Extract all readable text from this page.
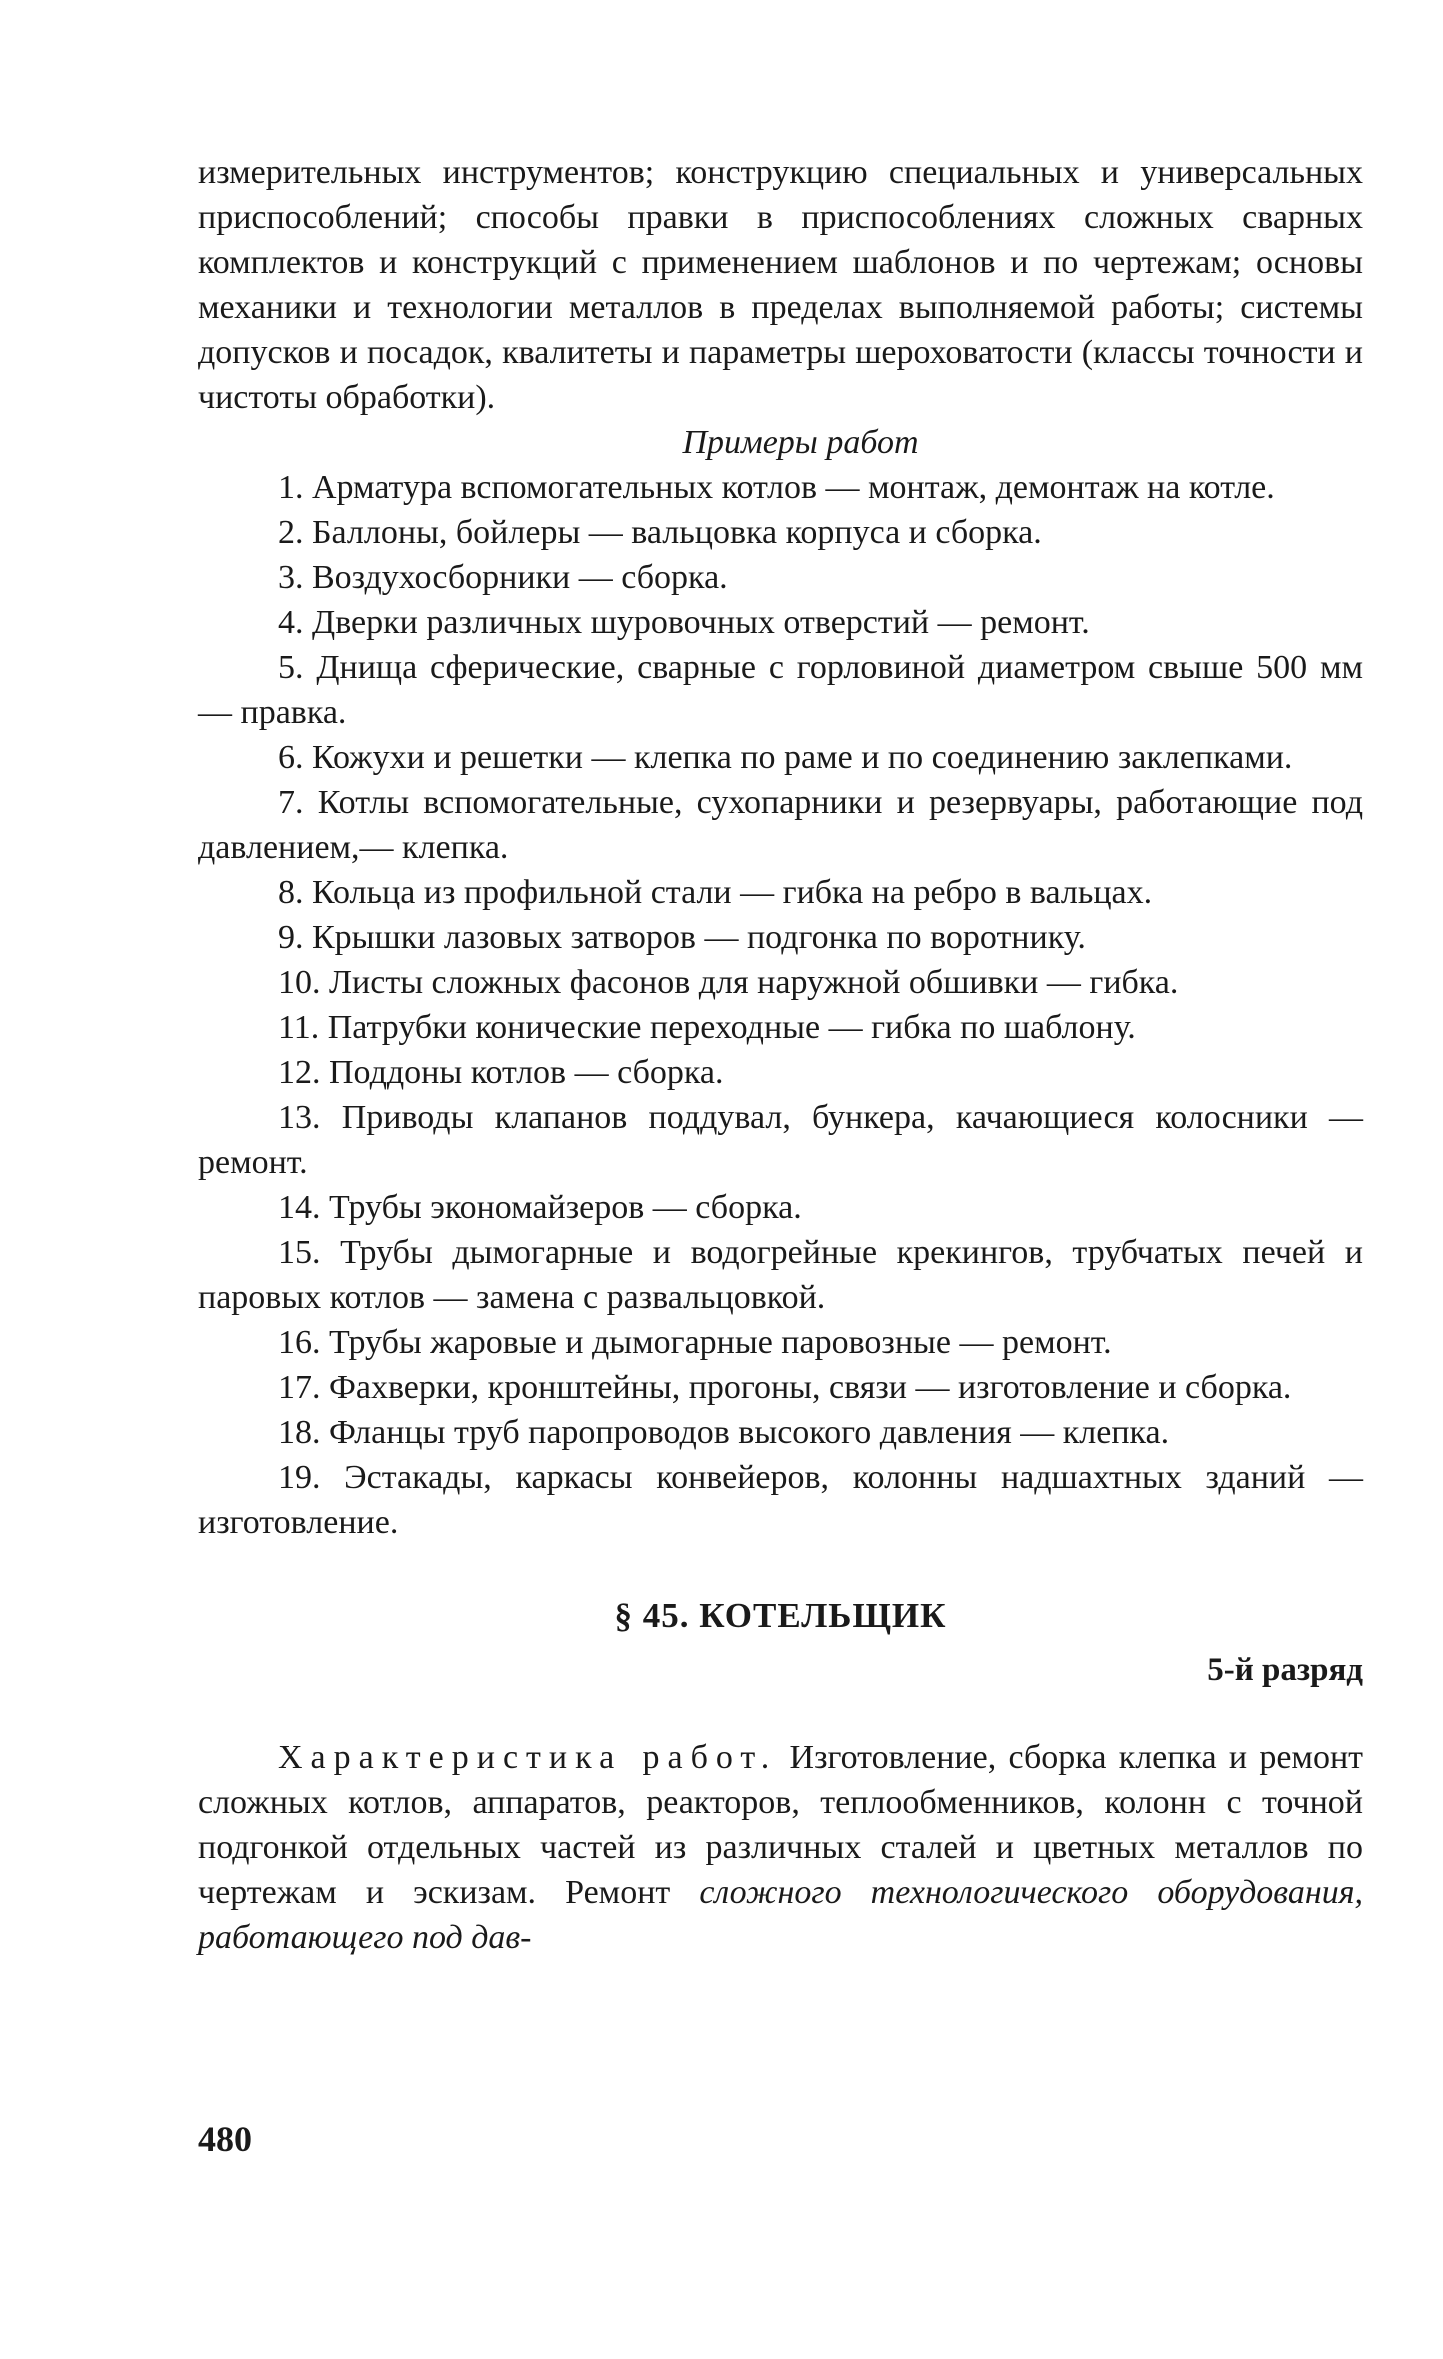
измерительных инструментов; конструкцию специальных и универсальных приспособлений; способы правки в приспособлениях сложных сварных комплектов и конструкций с применением шаблонов и по чертежам; основы механики и технологии металлов в пределах выполняемой работы; системы допусков и посадок, квалитеты и параметры шероховатости (классы точности и чистоты обработки).

Примеры работ

1. Арматура вспомогательных котлов — монтаж, демонтаж на котле.

2. Баллоны, бойлеры — вальцовка корпуса и сборка.

3. Воздухосборники — сборка.

4. Дверки различных шуровочных отверстий — ремонт.

5. Днища сферические, сварные с горловиной диаметром свыше 500 мм — правка.

6. Кожухи и решетки — клепка по раме и по соединению заклепками.

7. Котлы вспомогательные, сухопарники и резервуары, работающие под давлением,— клепка.

8. Кольца из профильной стали — гибка на ребро в вальцах.

9. Крышки лазовых затворов — подгонка по воротнику.

10. Листы сложных фасонов для наружной обшивки — гибка.

11. Патрубки конические переходные — гибка по шаблону.

12. Поддоны котлов — сборка.

13. Приводы клапанов поддувал, бункера, качающиеся колосники — ремонт.

14. Трубы экономайзеров — сборка.

15. Трубы дымогарные и водогрейные крекингов, трубчатых печей и паровых котлов — замена с развальцовкой.

16. Трубы жаровые и дымогарные паровозные — ремонт.

17. Фахверки, кронштейны, прогоны, связи — изготовление и сборка.

18. Фланцы труб паропроводов высокого давления — клепка.

19. Эстакады, каркасы конвейеров, колонны надшахтных зданий — изготовление.

§ 45. КОТЕЛЬЩИК
5-й разряд

Характеристика работ. Изготовление, сборка клепка и ремонт сложных котлов, аппаратов, реакторов, теплообменников, колонн с точной подгонкой отдельных частей из различных сталей и цветных металлов по чертежам и эскизам. Ремонт сложного технологического оборудования, работающего под дав-

480
